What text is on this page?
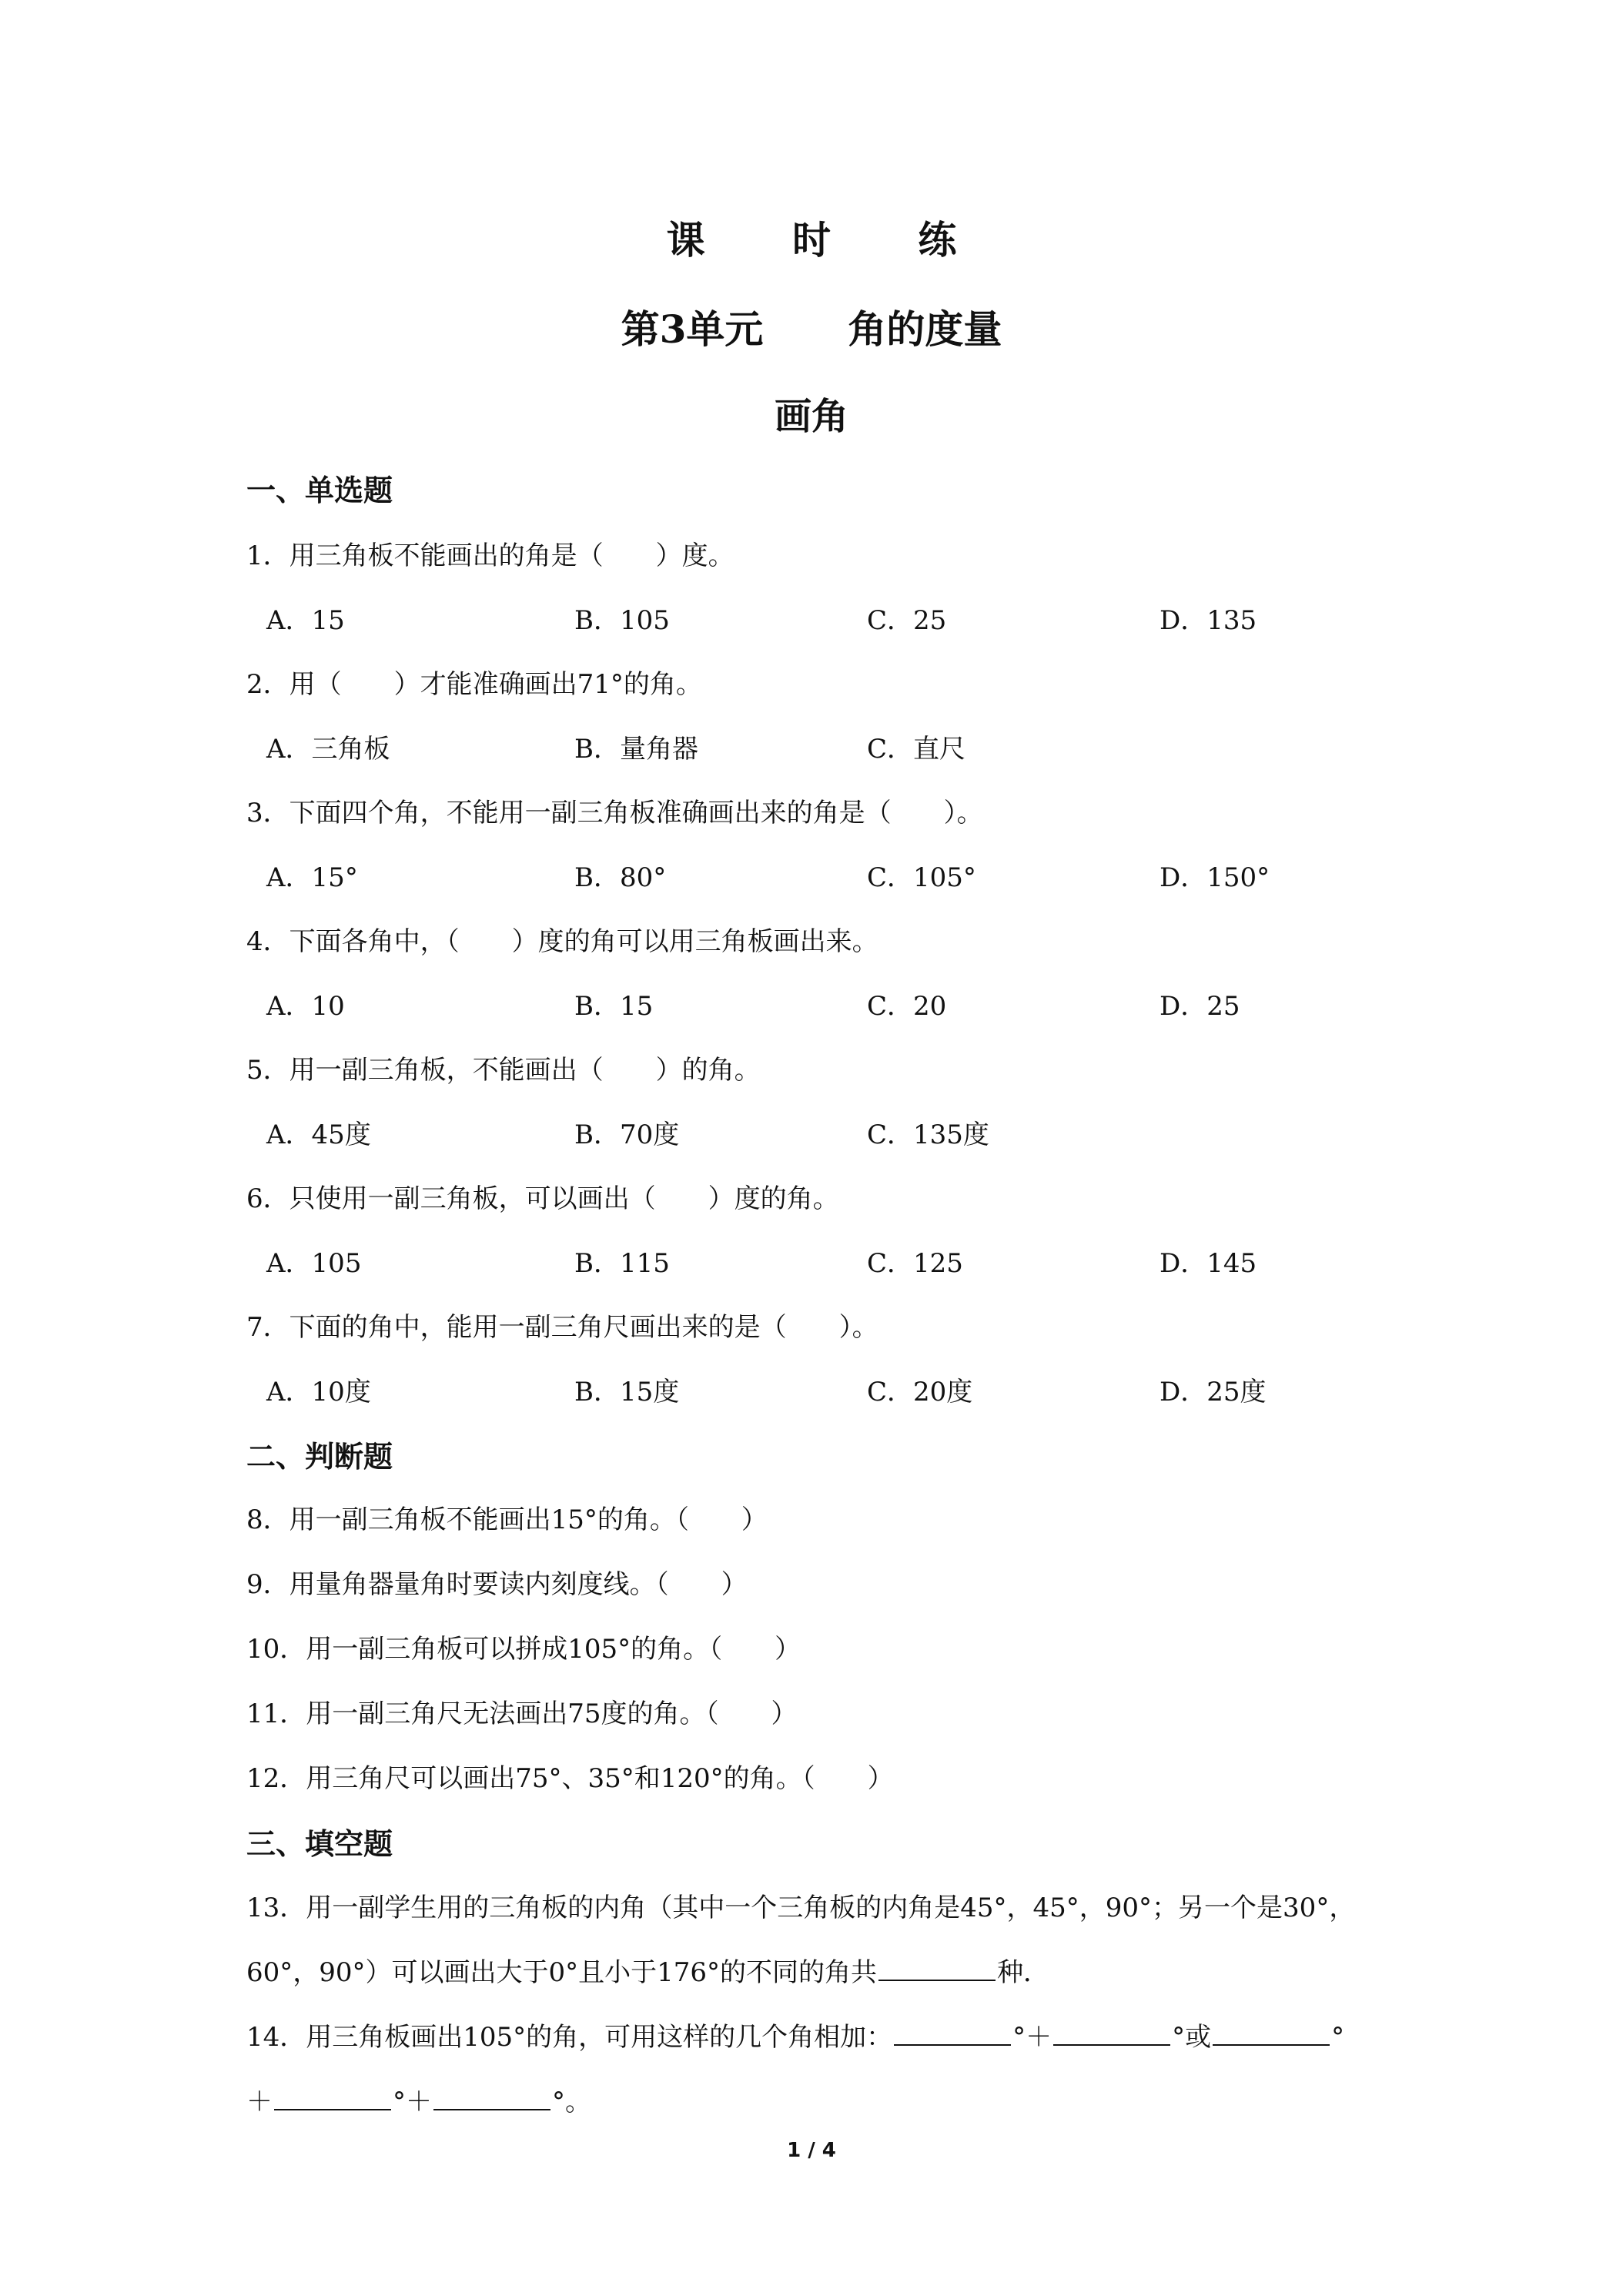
课 时 练
第3单元 角的度量
画角
一、单选题
1．用三角板不能画出的角是（　　）度。
A．15	B．105	C．25	D．135
2．用（　　）才能准确画出71°的角。
A．三角板	B．量角器	C．直尺
3．下面四个角，不能用一副三角板准确画出来的角是（　　）。
A．15°	B．80°	C．105°	D．150°
4．下面各角中，（　　）度的角可以用三角板画出来。
A．10	B．15	C．20	D．25
5．用一副三角板，不能画出（　　）的角。
A．45度	B．70度	C．135度
6．只使用一副三角板，可以画出（　　）度的角。
A．105	B．115	C．125	D．145
7．下面的角中，能用一副三角尺画出来的是（　　）。
A．10度	B．15度	C．20度	D．25度
二、判断题
8．用一副三角板不能画出15°的角。（　　）
9．用量角器量角时要读内刻度线。（　　）
10．用一副三角板可以拼成105°的角。（　　）
11．用一副三角尺无法画出75度的角。（　　）
12．用三角尺可以画出75°、35°和120°的角。（　　）
三、填空题
13．用一副学生用的三角板的内角（其中一个三角板的内角是45°，45°，90°；另一个是30°，
60°，90°）可以画出大于0°且小于176°的不同的角共	种．
14．用三角板画出105°的角，可用这样的几个角相加：	°＋	°或	°
＋	°＋	°。
1 / 4
